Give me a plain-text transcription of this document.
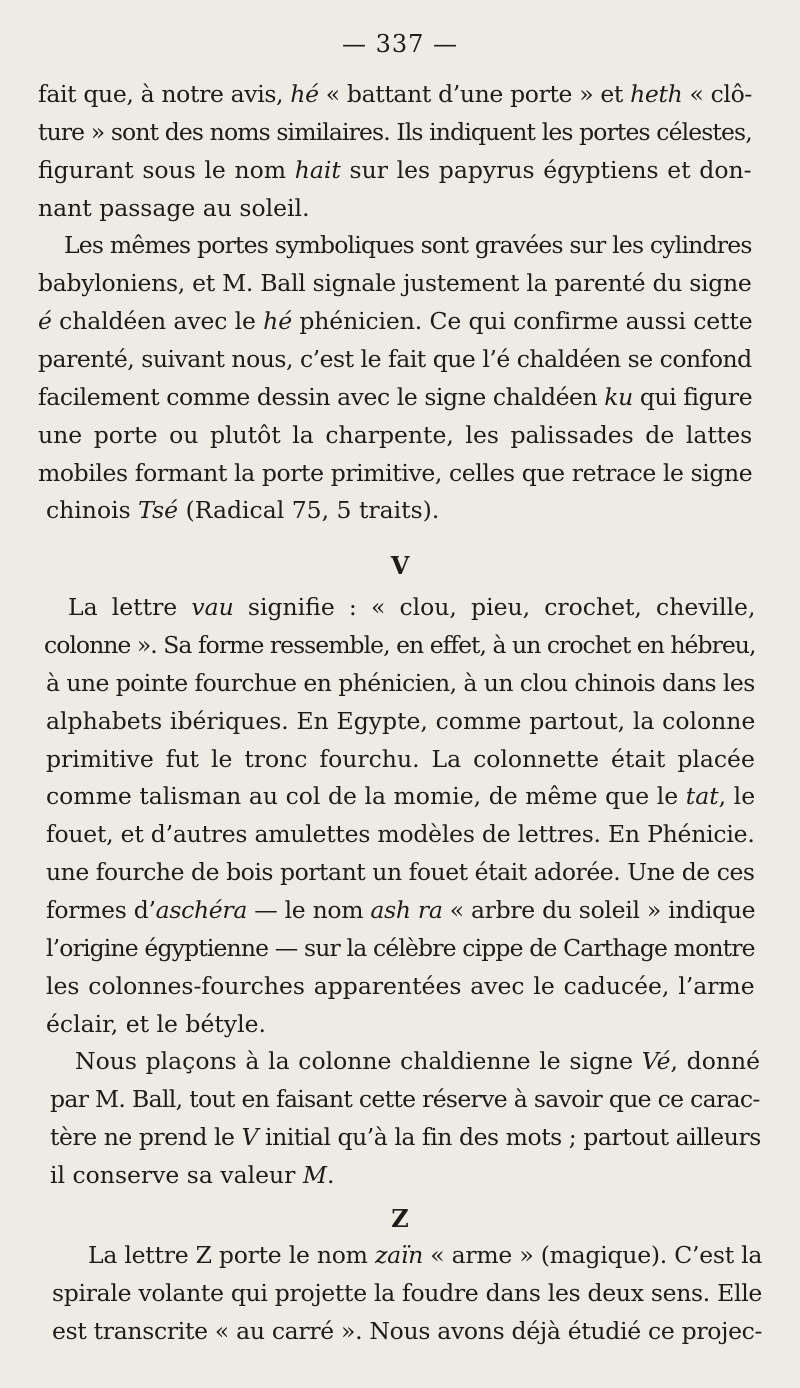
— 337 —
fait que, à notre avis, hé « battant d’une porte » et heth « clô-
ture » sont des noms similaires. Ils indiquent les portes célestes,
figurant sous le nom hait sur les papyrus égyptiens et don-
nant passage au soleil.
Les mêmes portes symboliques sont gravées sur les cylindres
babyloniens, et M. Ball signale justement la parenté du signe
é chaldéen avec le hé phénicien. Ce qui confirme aussi cette
parenté, suivant nous, c’est le fait que l’é chaldéen se confond
facilement comme dessin avec le signe chaldéen ku qui figure
une porte ou plutôt la charpente, les palissades de lattes
mobiles formant la porte primitive, celles que retrace le signe
chinois Tsé (Radical 75, 5 traits).
La lettre vau signifie : « clou, pieu, crochet, cheville,
colonne ». Sa forme ressemble, en effet, à un crochet en hébreu,
à une pointe fourchue en phénicien, à un clou chinois dans les
alphabets ibériques. En Egypte, comme partout, la colonne
primitive fut le tronc fourchu. La colonnette était placée
comme talisman au col de la momie, de même que le tat, le
fouet, et d’autres amulettes modèles de lettres. En Phénicie.
une fourche de bois portant un fouet était adorée. Une de ces
formes d’aschéra — le nom ash ra « arbre du soleil » indique
l’origine égyptienne — sur la célèbre cippe de Carthage montre
les colonnes-fourches apparentées avec le caducée, l’arme
éclair, et le bétyle.
Nous plaçons à la colonne chaldienne le signe Vé, donné
par M. Ball, tout en faisant cette réserve à savoir que ce carac-
tère ne prend le V initial qu’à la fin des mots ; partout ailleurs
il conserve sa valeur M.
La lettre Z porte le nom zaïn « arme » (magique). C’est la
spirale volante qui projette la foudre dans les deux sens. Elle
est transcrite « au carré ». Nous avons déjà étudié ce projec-
V
Z
